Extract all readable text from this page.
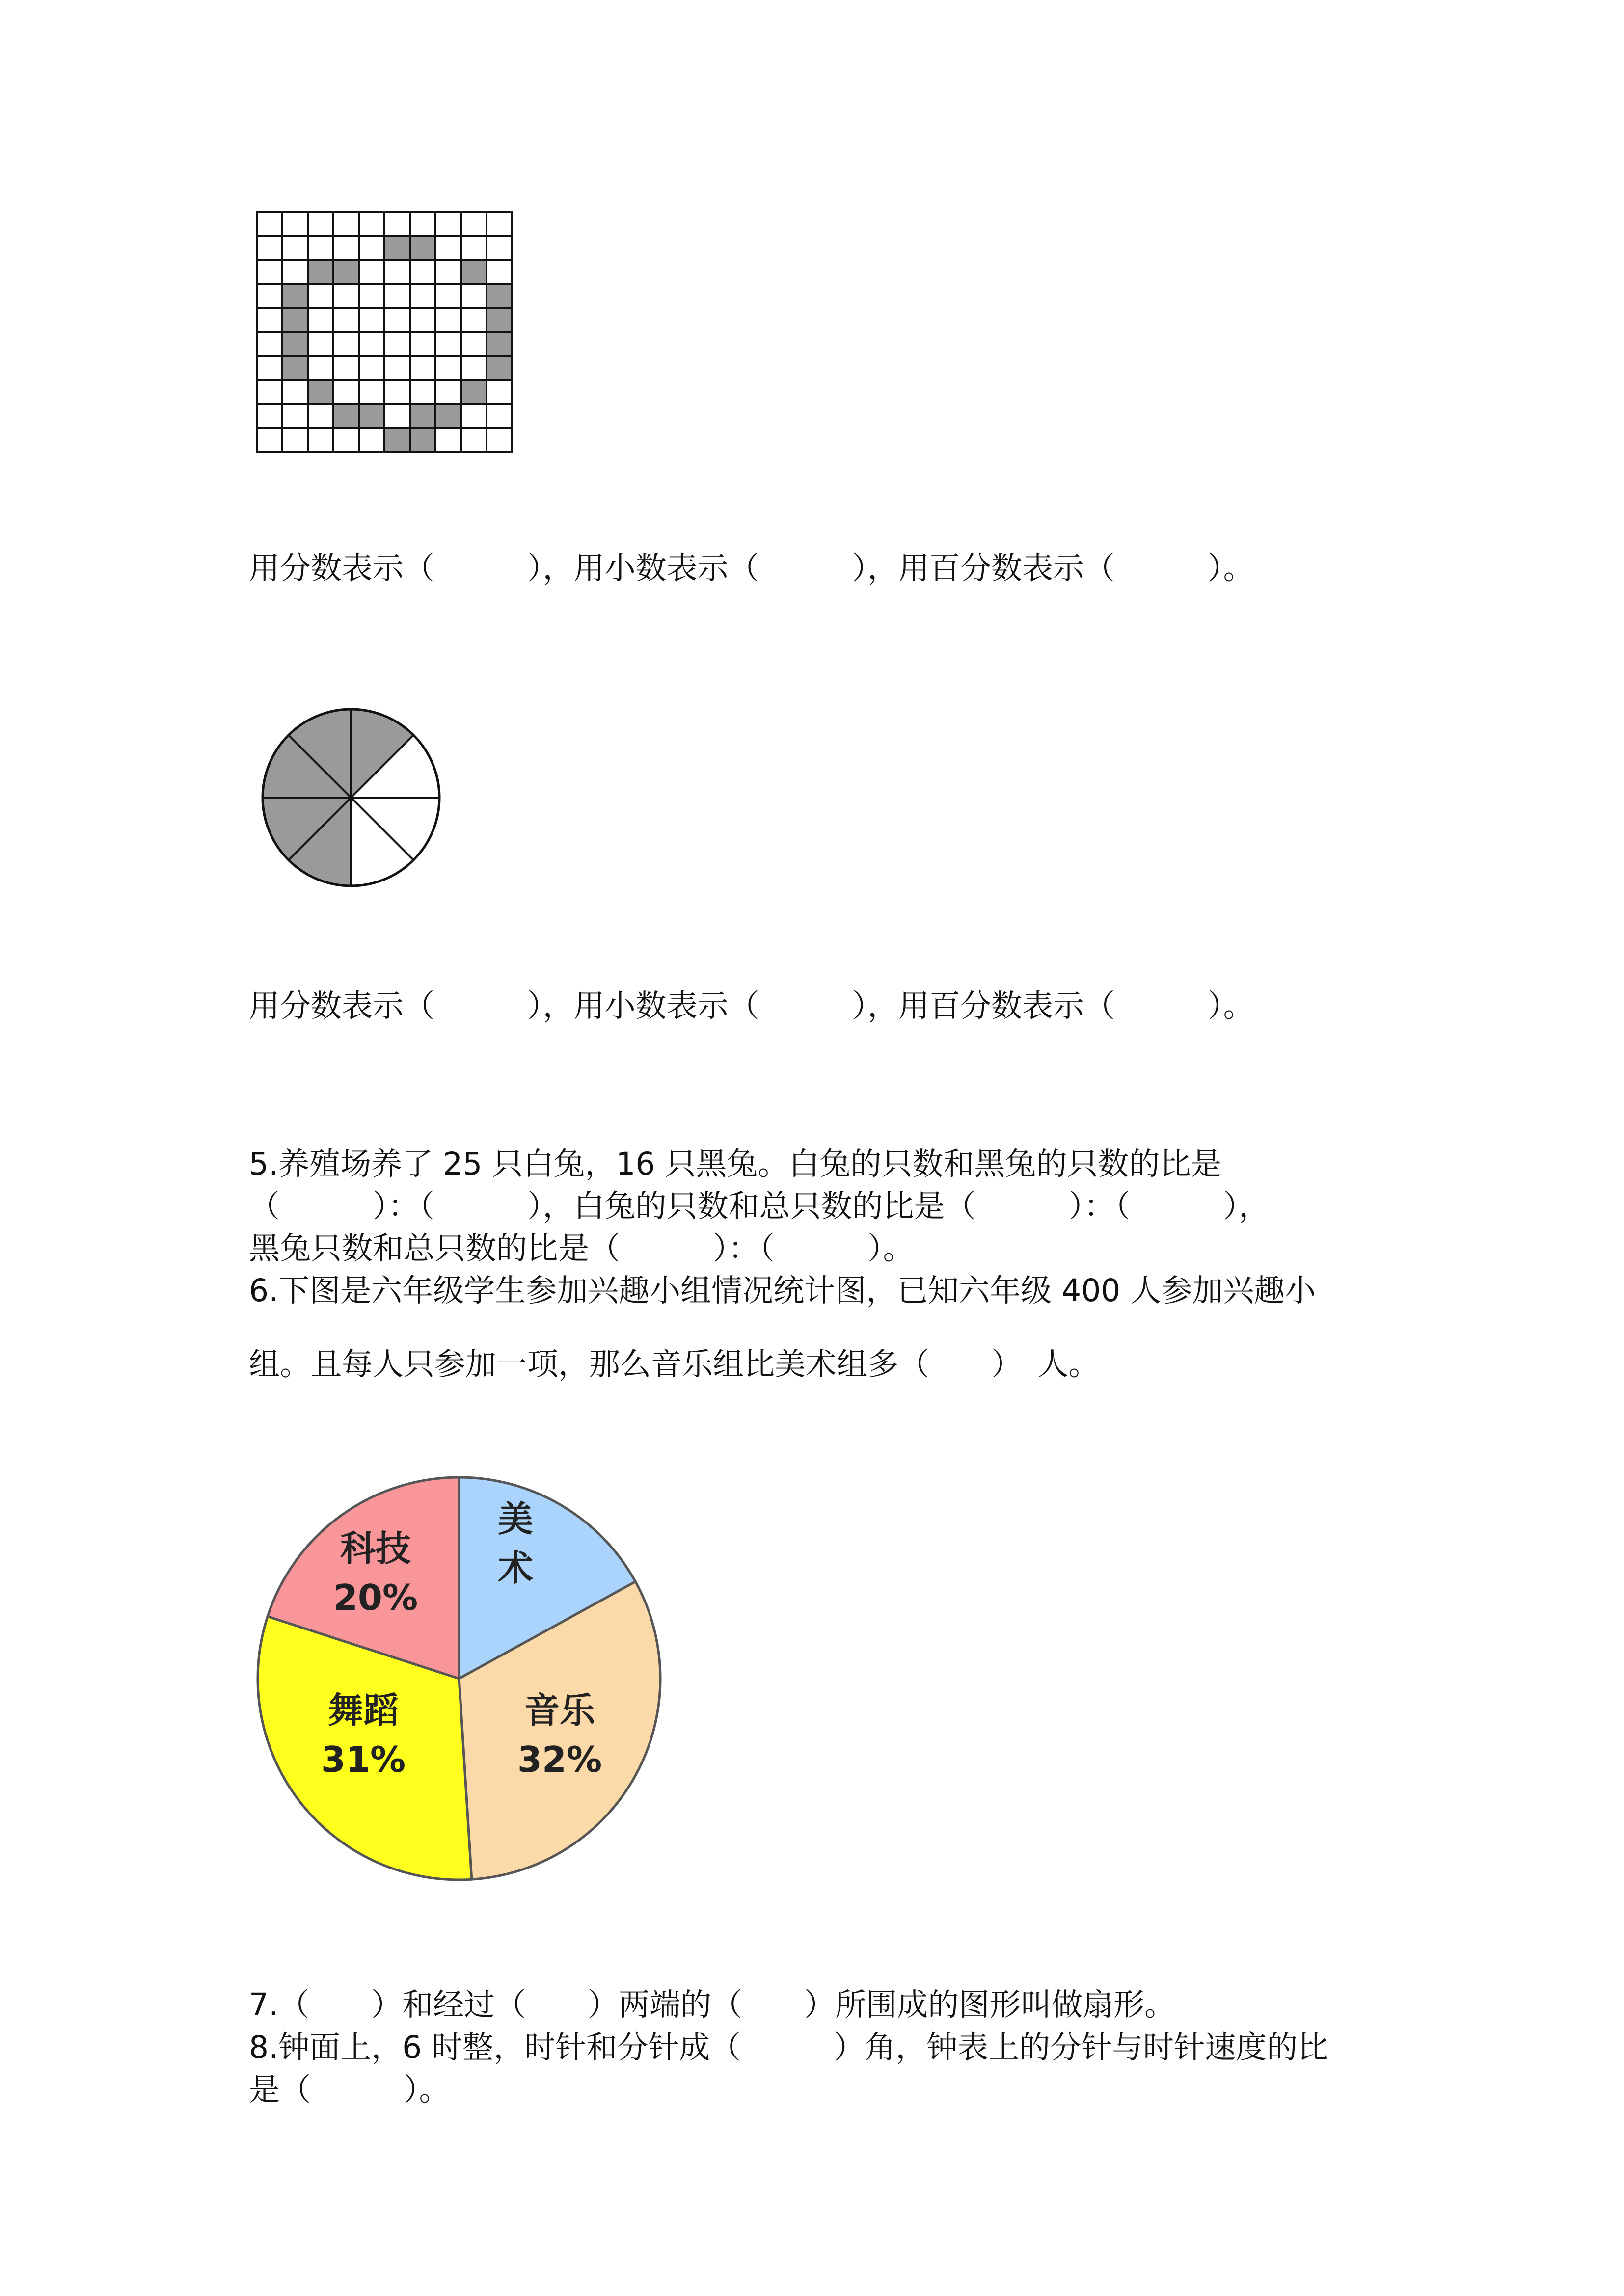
用分数表示（　　　），用小数表示（　　　），用百分数表示（　　　）。
用分数表示（　　　），用小数表示（　　　），用百分数表示（　　　）。
5.养殖场养了 25 只白兔，16 只黑兔。白兔的只数和黑兔的只数的比是
（　　　）：（　　　），白兔的只数和总只数的比是（　　　）：（　　　），
黑兔只数和总只数的比是（　　　）：（　　　）。
6.下图是六年级学生参加兴趣小组情况统计图，已知六年级 400 人参加兴趣小
组。且每人只参加一项，那么音乐组比美术组多（　　）　人。
美
术
音乐
32%
舞蹈
31%
科技
20%
7.（　　）和经过（　　）两端的（　　）所围成的图形叫做扇形。
8.钟面上，6 时整，时针和分针成（　　　）角，钟表上的分针与时针速度的比
是（　　　）。
